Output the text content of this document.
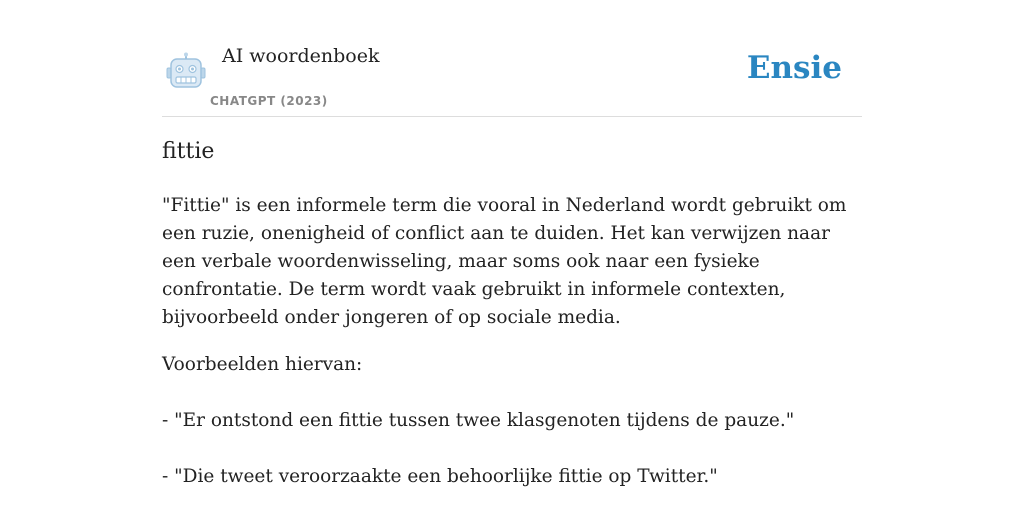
AI woordenboek
CHATGPT (2023)
Ensie
fittie

"Fittie" is een informele term die vooral in Nederland wordt gebruikt om een ruzie, onenigheid of conflict aan te duiden. Het kan verwijzen naar een verbale woordenwisseling, maar soms ook naar een fysieke confrontatie. De term wordt vaak gebruikt in informele contexten, bijvoorbeeld onder jongeren of op sociale media.

Voorbeelden hiervan:

- "Er ontstond een fittie tussen twee klasgenoten tijdens de pauze."

- "Die tweet veroorzaakte een behoorlijke fittie op Twitter."
